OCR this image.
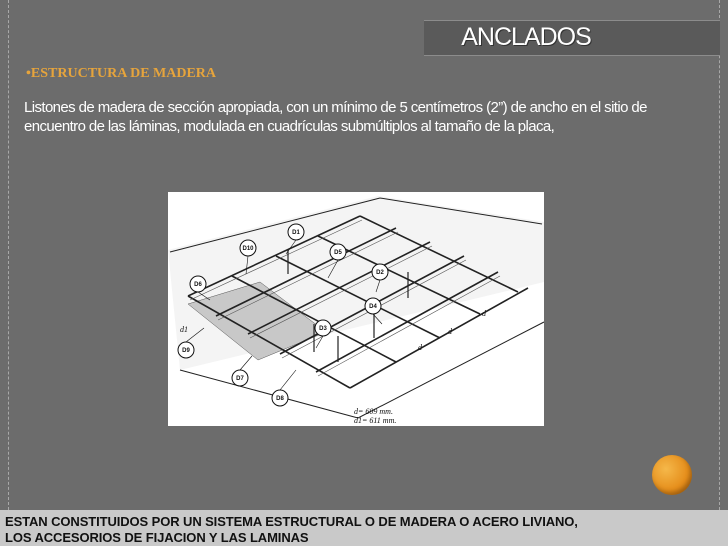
ANCLADOS
•ESTRUCTURA DE MADERA
Listones de madera de sección apropiada, con un mínimo de 5 centímetros (2”) de ancho en el sitio de encuentro de las láminas, modulada en cuadrículas submúltiplos al tamaño de la placa,
D1
D10
D5
D2
D6
D4
D3
D9
D7
D8
d
d
d
d1
d= 609 mm.
d1= 611 mm.
ESTAN CONSTITUIDOS POR UN SISTEMA ESTRUCTURAL O DE MADERA O ACERO LIVIANO,
LOS ACCESORIOS DE FIJACION Y LAS LAMINAS
